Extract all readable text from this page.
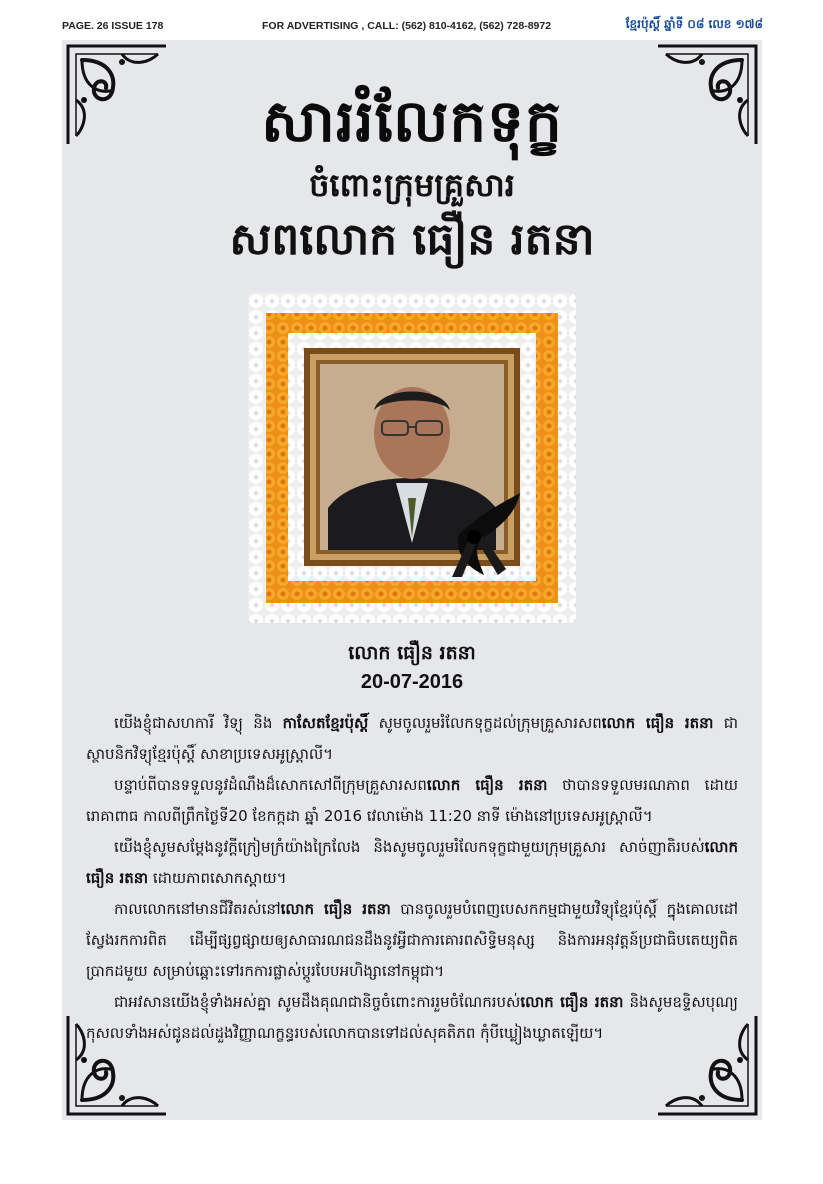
PAGE. 26 ISSUE 178	FOR ADVERTISING , CALL: (562) 810-4162, (562) 728-8972	ខ្មែរប៉ុស្តិ៍ ឆ្នាំទី ០៨ លេខ ១៧៨
សាររំលែកទុក្ខ
ចំពោះក្រុមគ្រួសារ
សពលោក ធឿន រតនា
លោក ធឿន រតនា
20-07-2016

យើងខ្ញុំជាសហការី វិទ្យុ និង កាសែតខ្មែរប៉ុស្តិ៍ សូមចូលរួមរំលែកទុក្ខដល់ក្រុមគ្រួសារសពលោក ធឿន រតនា ជាស្ថាបនិកវិទ្យុខ្មែរប៉ុស្តិ៍ សាខាប្រទេសអូស្ត្រាលី។

បន្ទាប់ពីបានទទួលនូវដំណឹងដ៏សោកសៅពីក្រុមគ្រួសារសពលោក ធឿន រតនា ថាបានទទួលមរណភាព ដោយរោគាពាធ កាលពីព្រឹកថ្ងៃទី20 ខែកក្កដា ឆ្នាំ 2016 វេលាម៉ោង 11:20 នាទី ម៉ោងនៅប្រទេសអូស្ត្រាលី។

យើងខ្ញុំសូមសម្តែងនូវក្តីក្រៀមក្រំយ៉ាងក្រៃលែង និងសូមចូលរួមរំលែកទុក្ខជាមួយក្រុមគ្រួសារ សាច់ញាតិរបស់លោក ធឿន រតនា ដោយភាពសោកស្តាយ។

កាលលោកនៅមានជីវិតរស់នៅលោក ធឿន រតនា បានចូលរួមបំពេញបេសកកម្មជាមួយវិទ្យុខ្មែរប៉ុស្តិ៍ ក្នុងគោលដៅស្វែងរកការពិត ដើម្បីផ្សព្វផ្សាយឲ្យសាធារណជនដឹងនូវអ្វីជាការគោរពសិទ្ធិមនុស្ស និងការអនុវត្តន៍ប្រជាធិបតេយ្យពិតប្រាកដមួយ សម្រាប់ឆ្ពោះទៅរកការផ្លាស់ប្តូរបែបអហិង្សានៅកម្ពុជា។

ជាអវសានយើងខ្ញុំទាំងអស់គ្នា សូមដឹងគុណជានិច្ចចំពោះការរួមចំណែករបស់លោក ធឿន រតនា និងសូមឧទ្ទិសបុណ្យកុសលទាំងអស់ជូនដល់ដួងវិញ្ញាណក្ខន្ធរបស់លោកបានទៅដល់សុគតិភព កុំបីឃ្លៀងឃ្លាតឡើយ។
